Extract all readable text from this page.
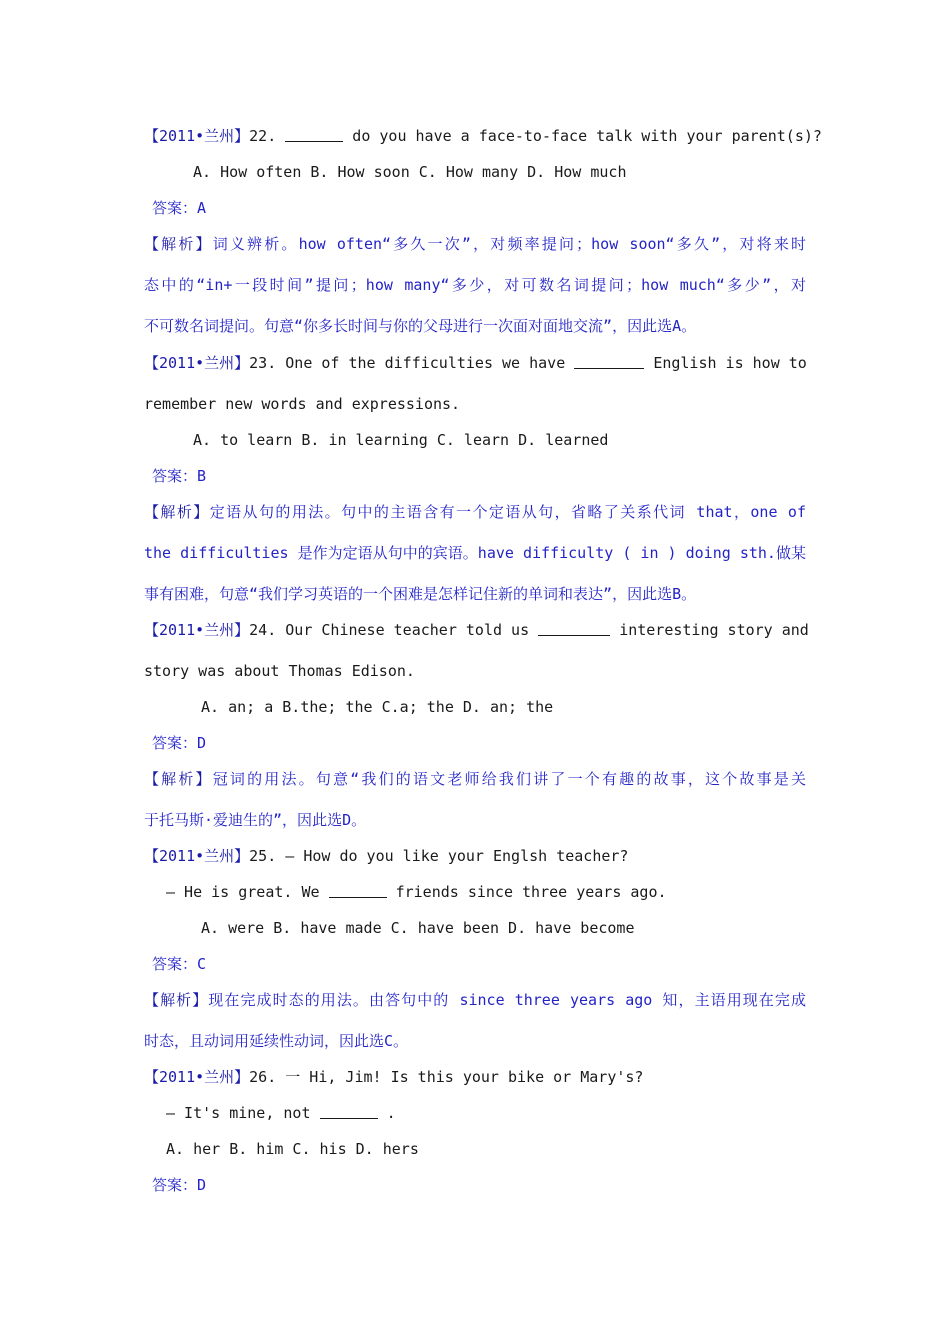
【2011•兰州】22.	do you have a face-to-face talk with your parent(s)?
A. How often B. How soon C. How many D. How much
答案：A
【解析】词义辨析。how often“多久一次”，对频率提问；how soon“多久”，对将来时
态中的“in+一段时间”提问；how many“多少，对可数名词提问；how much“多少”，对
不可数名词提问。句意“你多长时间与你的父母进行一次面对面地交流”，因此选A。
【2011•兰州】23. One of the difficulties we have	English is how to
remember new words and expressions.
A. to learn B. in learning C. learn D. learned
答案：B
【解析】定语从句的用法。句中的主语含有一个定语从句，省略了关系代词 that，one of
the difficulties 是作为定语从句中的宾语。have difficulty ( in ) doing sth.做某
事有困难，句意“我们学习英语的一个困难是怎样记住新的单词和表达”，因此选B。
【2011•兰州】24. Our Chinese teacher told us	interesting story and
story was about Thomas Edison.
A. an; a B.the; the C.a; the D. an; the
答案：D
【解析】冠词的用法。句意“我们的语文老师给我们讲了一个有趣的故事，这个故事是关
于托马斯·爱迪生的”，因此选D。
【2011•兰州】25. — How do you like your Englsh teacher?
— He is great. We	friends since three years ago.
A. were B. have made C. have been D. have become
答案：C
【解析】现在完成时态的用法。由答句中的 since three years ago 知，主语用现在完成
时态，且动词用延续性动词，因此选C。
【2011•兰州】26. 一 Hi, Jim! Is this your bike or Mary's?
— It's mine, not	.
A. her B. him C. his D. hers
答案：D
